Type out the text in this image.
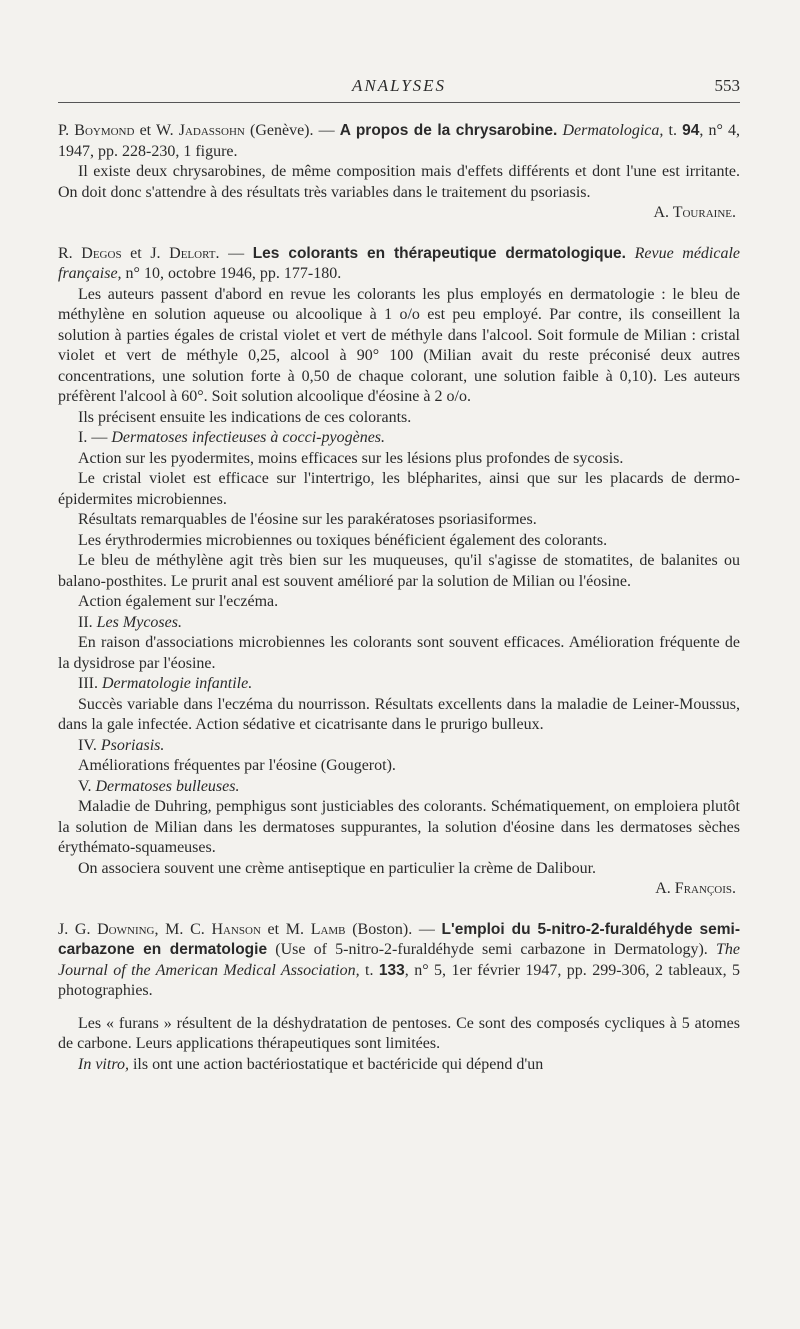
ANALYSES	553

P. Boymond et W. Jadassohn (Genève). — A propos de la chrysarobine. Dermatologica, t. 94, n° 4, 1947, pp. 228-230, 1 figure.

Il existe deux chrysarobines, de même composition mais d'effets différents et dont l'une est irritante. On doit donc s'attendre à des résultats très variables dans le traitement du psoriasis.

A. Touraine.

R. Degos et J. Delort. — Les colorants en thérapeutique dermatologique. Revue médicale française, n° 10, octobre 1946, pp. 177-180.

Les auteurs passent d'abord en revue les colorants les plus employés en dermatologie : le bleu de méthylène en solution aqueuse ou alcoolique à 1 o/o est peu employé. Par contre, ils conseillent la solution à parties égales de cristal violet et vert de méthyle dans l'alcool. Soit formule de Milian : cristal violet et vert de méthyle 0,25, alcool à 90° 100 (Milian avait du reste préconisé deux autres concentrations, une solution forte à 0,50 de chaque colorant, une solution faible à 0,10). Les auteurs préfèrent l'alcool à 60°. Soit solution alcoolique d'éosine à 2 o/o.

Ils précisent ensuite les indications de ces colorants.

I. — Dermatoses infectieuses à cocci-pyogènes.

Action sur les pyodermites, moins efficaces sur les lésions plus profondes de sycosis.

Le cristal violet est efficace sur l'intertrigo, les blépharites, ainsi que sur les placards de dermo-épidermites microbiennes.

Résultats remarquables de l'éosine sur les parakératoses psoriasiformes.

Les érythrodermies microbiennes ou toxiques bénéficient également des colorants.

Le bleu de méthylène agit très bien sur les muqueuses, qu'il s'agisse de stomatites, de balanites ou balano-posthites. Le prurit anal est souvent amélioré par la solution de Milian ou l'éosine.

Action également sur l'eczéma.

II. Les Mycoses.

En raison d'associations microbiennes les colorants sont souvent efficaces. Amélioration fréquente de la dysidrose par l'éosine.

III. Dermatologie infantile.

Succès variable dans l'eczéma du nourrisson. Résultats excellents dans la maladie de Leiner-Moussus, dans la gale infectée. Action sédative et cicatrisante dans le prurigo bulleux.

IV. Psoriasis.

Améliorations fréquentes par l'éosine (Gougerot).

V. Dermatoses bulleuses.

Maladie de Duhring, pemphigus sont justiciables des colorants. Schématiquement, on emploiera plutôt la solution de Milian dans les dermatoses suppurantes, la solution d'éosine dans les dermatoses sèches érythémato-squameuses.

On associera souvent une crème antiseptique en particulier la crème de Dalibour.

A. François.

J. G. Downing, M. C. Hanson et M. Lamb (Boston). — L'emploi du 5-nitro-2-furaldéhyde semi-carbazone en dermatologie (Use of 5-nitro-2-furaldéhyde semi carbazone in Dermatology). The Journal of the American Medical Association, t. 133, n° 5, 1er février 1947, pp. 299-306, 2 tableaux, 5 photographies.

Les « furans » résultent de la déshydratation de pentoses. Ce sont des composés cycliques à 5 atomes de carbone. Leurs applications thérapeutiques sont limitées.

In vitro, ils ont une action bactériostatique et bactéricide qui dépend d'un
